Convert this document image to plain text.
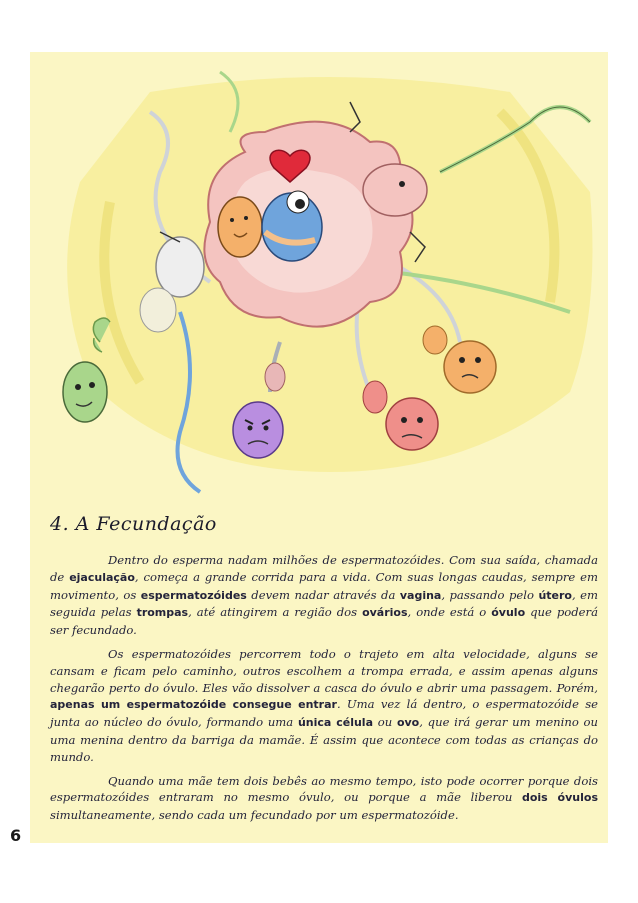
4. A Fecundação

Dentro do esperma nadam milhões de espermatozóides. Com sua saída, chamada de ejaculação, começa a grande corrida para a vida. Com suas longas caudas, sempre em movimento, os espermatozóides devem nadar através da vagina, passando pelo útero, em seguida pelas trompas, até atingirem a região dos ovários, onde está o óvulo que poderá ser fecundado.

Os espermatozóides percorrem todo o trajeto em alta velocidade, alguns se cansam e ficam pelo caminho, outros escolhem a trompa errada, e assim apenas alguns chegarão perto do óvulo. Eles vão dissolver a casca do óvulo e abrir uma passagem. Porém, apenas um espermatozóide consegue entrar. Uma vez lá dentro, o espermatozóide se junta ao núcleo do óvulo, formando uma única célula ou ovo, que irá gerar um menino ou uma menina dentro da barriga da mamãe. É assim que acontece com todas as crianças do mundo.

Quando uma mãe tem dois bebês ao mesmo tempo, isto pode ocorrer porque dois espermatozóides entraram no mesmo óvulo, ou porque a mãe liberou dois óvulos simultaneamente, sendo cada um fecundado por um espermatozóide.

6
